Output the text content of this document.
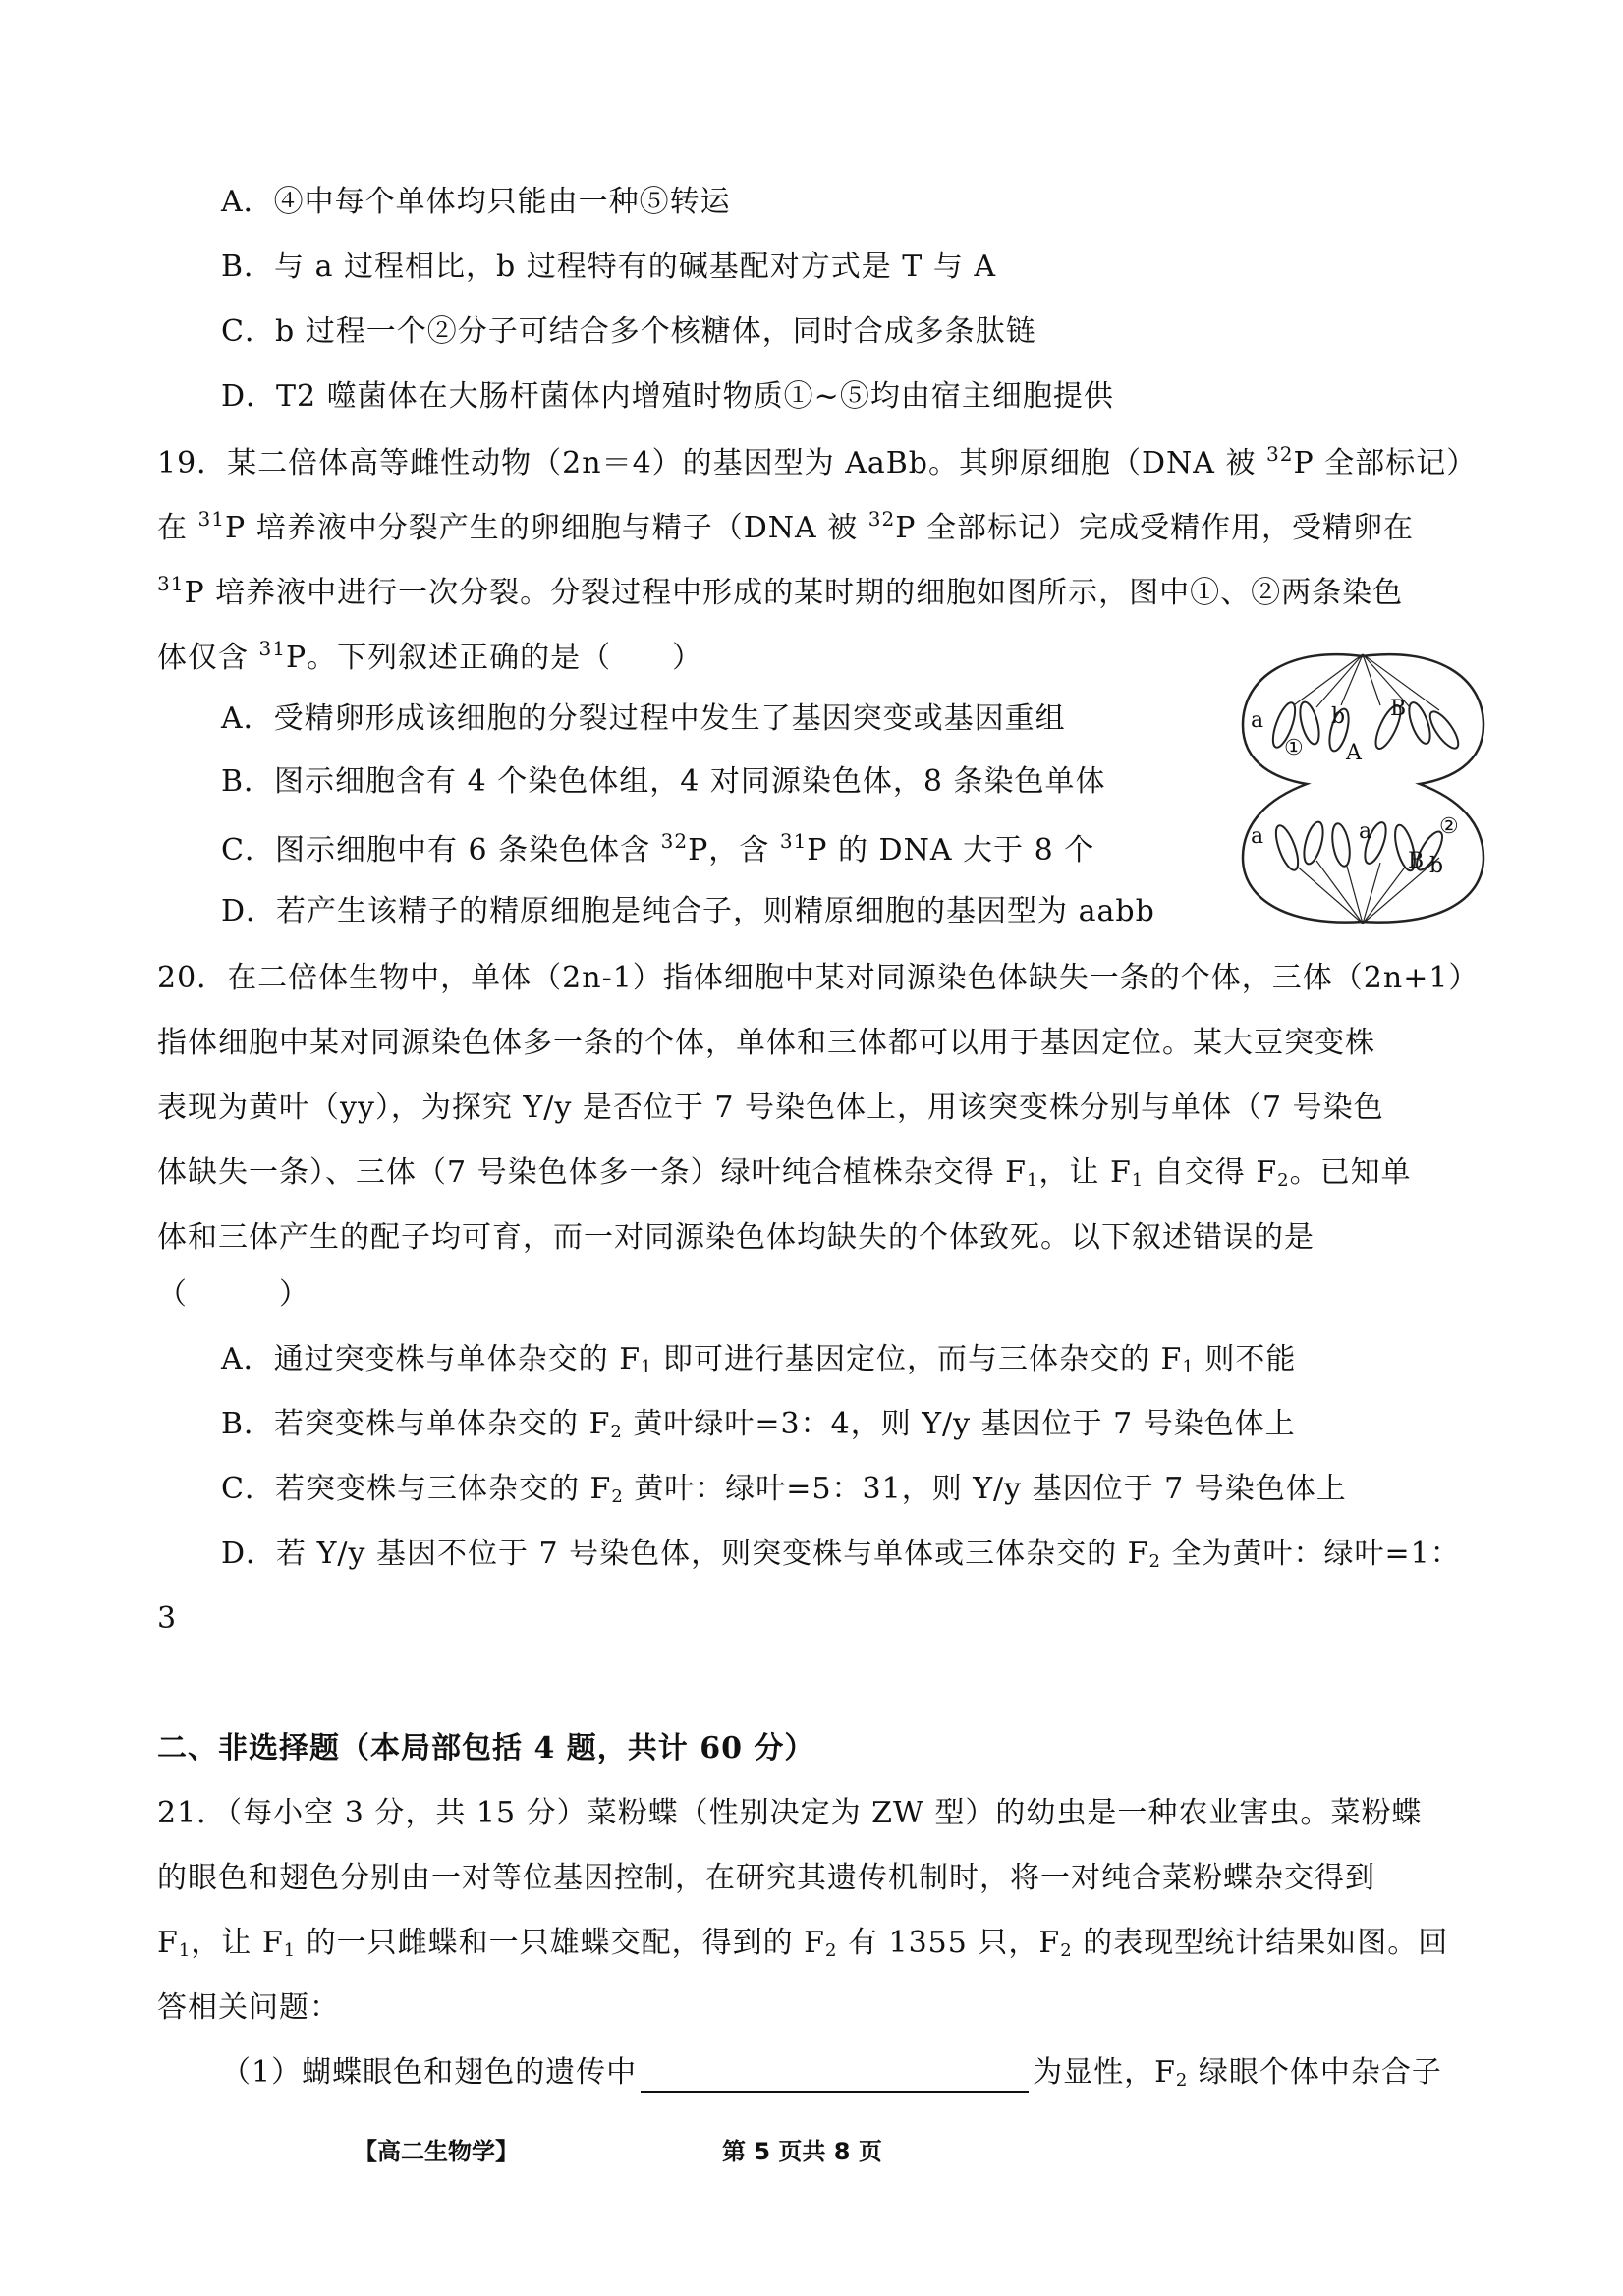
A．④中每个单体均只能由一种⑤转运
B．与 a 过程相比，b 过程特有的碱基配对方式是 T 与 A
C．b 过程一个②分子可结合多个核糖体，同时合成多条肽链
D．T2 噬菌体在大肠杆菌体内增殖时物质①~⑤均由宿主细胞提供
19．某二倍体高等雌性动物（2n＝4）的基因型为 AaBb。其卵原细胞（DNA 被 $^{32}$P 全部标记）
在 $^{31}$P 培养液中分裂产生的卵细胞与精子（DNA 被 $^{32}$P 全部标记）完成受精作用，受精卵在
$^{31}$P 培养液中进行一次分裂。分裂过程中形成的某时期的细胞如图所示，图中①、②两条染色
体仅含 $^{31}$P。下列叙述正确的是（　　）
A．受精卵形成该细胞的分裂过程中发生了基因突变或基因重组
B．图示细胞含有 4 个染色体组，4 对同源染色体，8 条染色单体
C．图示细胞中有 6 条染色体含 $^{32}$P，含 $^{31}$P 的 DNA 大于 8 个
D．若产生该精子的精原细胞是纯合子，则精原细胞的基因型为 aabb
a	b B
A
①
a	a
B b
②
20．在二倍体生物中，单体（2n-1）指体细胞中某对同源染色体缺失一条的个体，三体（2n+1）
指体细胞中某对同源染色体多一条的个体，单体和三体都可以用于基因定位。某大豆突变株
表现为黄叶（yy），为探究 Y/y 是否位于 7 号染色体上，用该突变株分别与单体（7 号染色
体缺失一条）、三体（7 号染色体多一条）绿叶纯合植株杂交得 $F_1$，让 $F_1$ 自交得 $F_2$。已知单
体和三体产生的配子均可育，而一对同源染色体均缺失的个体致死。以下叙述错误的是
（　　　）
A．通过突变株与单体杂交的 $F_1$ 即可进行基因定位，而与三体杂交的 $F_1$ 则不能
B．若突变株与单体杂交的 $F_2$ 黄叶绿叶=3：4，则 Y/y 基因位于 7 号染色体上
C．若突变株与三体杂交的 $F_2$ 黄叶：绿叶=5：31，则 Y/y 基因位于 7 号染色体上
D．若 Y/y 基因不位于 7 号染色体，则突变株与单体或三体杂交的 $F_2$ 全为黄叶：绿叶=1：
3
二、非选择题（本局部包括 4 题，共计 60 分）
21．（每小空 3 分，共 15 分）菜粉蝶（性别决定为 ZW 型）的幼虫是一种农业害虫。菜粉蝶
的眼色和翅色分别由一对等位基因控制，在研究其遗传机制时，将一对纯合菜粉蝶杂交得到
$F_1$，让 $F_1$ 的一只雌蝶和一只雄蝶交配，得到的 $F_2$ 有 1355 只，$F_2$ 的表现型统计结果如图。回
答相关问题：
（1）蝴蝶眼色和翅色的遗传中	为显性，$F_2$ 绿眼个体中杂合子
【高二生物学】	第 5 页共 8 页
